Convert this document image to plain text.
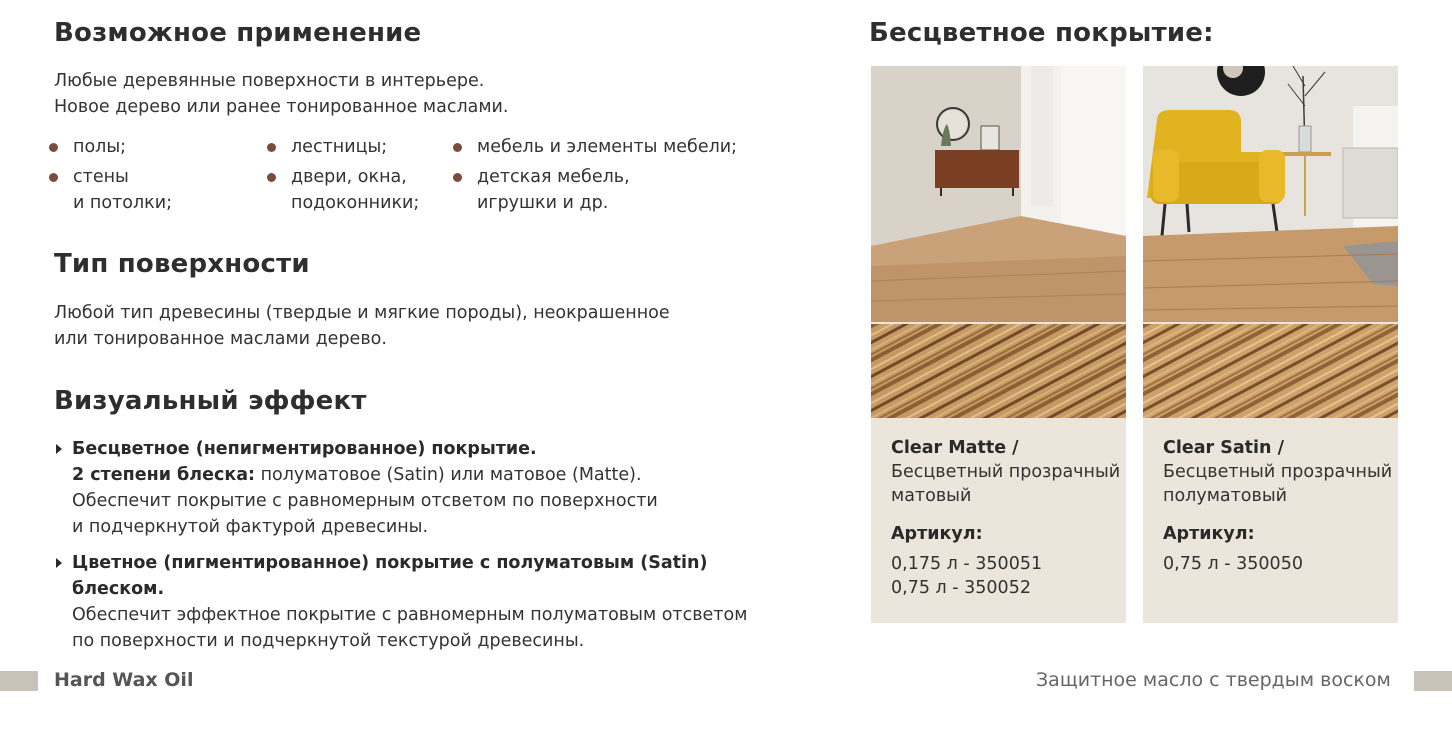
Возможное применение
Любые деревянные поверхности в интерьере.
Новое дерево или ранее тонированное маслами.
полы;
стены
и потолки;
лестницы;
двери, окна,
подоконники;
мебель и элементы мебели;
детская мебель,
игрушки и др.
Тип поверхности
Любой тип древесины (твердые и мягкие породы), неокрашенное
или тонированное маслами дерево.
Визуальный эффект
Бесцветное (непигментированное) покрытие.
2 степени блеска: полуматовое (Satin) или матовое (Matte).
Обеспечит покрытие с равномерным отсветом по поверхности
и подчеркнутой фактурой древесины.
Цветное (пигментированное) покрытие с полуматовым (Satin) блеском.
Обеспечит эффектное покрытие с равномерным полуматовым отсветом
по поверхности и подчеркнутой текстурой древесины.
Бесцветное покрытие:
Clear Matte /
Бесцветный прозрачный
матовый
Артикул:
0,175 л - 350051
0,75 л - 350052
Clear Satin /
Бесцветный прозрачный
полуматовый
Артикул:
0,75 л - 350050
Hard Wax Oil	Защитное масло с твердым воском
